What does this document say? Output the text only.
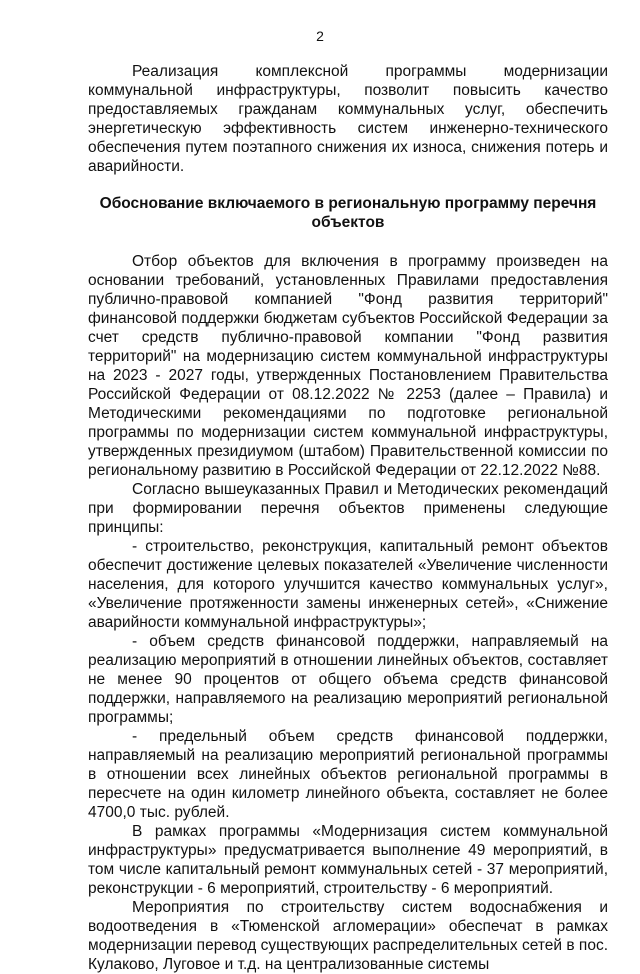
2

Реализация комплексной программы модернизации коммунальной инфраструктуры, позволит повысить качество предоставляемых гражданам коммунальных услуг, обеспечить энергетическую эффективность систем инженерно-технического обеспечения путем поэтапного снижения их износа, снижения потерь и аварийности.

Обоснование включаемого в региональную программу перечня объектов

Отбор объектов для включения в программу произведен на основании требований, установленных Правилами предоставления публично-правовой компанией "Фонд развития территорий" финансовой поддержки бюджетам субъектов Российской Федерации за счет средств публично-правовой компании "Фонд развития территорий" на модернизацию систем коммунальной инфраструктуры на 2023 - 2027 годы, утвержденных Постановлением Правительства Российской Федерации от 08.12.2022 № 2253 (далее – Правила) и Методическими рекомендациями по подготовке региональной программы по модернизации систем коммунальной инфраструктуры, утвержденных президиумом (штабом) Правительственной комиссии по региональному развитию в Российской Федерации от 22.12.2022 №88.

Согласно вышеуказанных Правил и Методических рекомендаций при формировании перечня объектов применены следующие принципы:

- строительство, реконструкция, капитальный ремонт объектов обеспечит достижение целевых показателей «Увеличение численности населения, для которого улучшится качество коммунальных услуг», «Увеличение протяженности замены инженерных сетей», «Снижение аварийности коммунальной инфраструктуры»;

- объем средств финансовой поддержки, направляемый на реализацию мероприятий в отношении линейных объектов, составляет не менее 90 процентов от общего объема средств финансовой поддержки, направляемого на реализацию мероприятий региональной программы;

- предельный объем средств финансовой поддержки, направляемый на реализацию мероприятий региональной программы в отношении всех линейных объектов региональной программы в пересчете на один километр линейного объекта, составляет не более 4700,0 тыс. рублей.

В рамках программы «Модернизация систем коммунальной инфраструктуры» предусматривается выполнение 49 мероприятий, в том числе капитальный ремонт коммунальных сетей - 37 мероприятий, реконструкции - 6 мероприятий, строительству - 6 мероприятий.

Мероприятия по строительству систем водоснабжения и водоотведения в «Тюменской агломерации» обеспечат в рамках модернизации перевод существующих распределительных сетей в пос. Кулаково, Луговое и т.д. на централизованные системы
